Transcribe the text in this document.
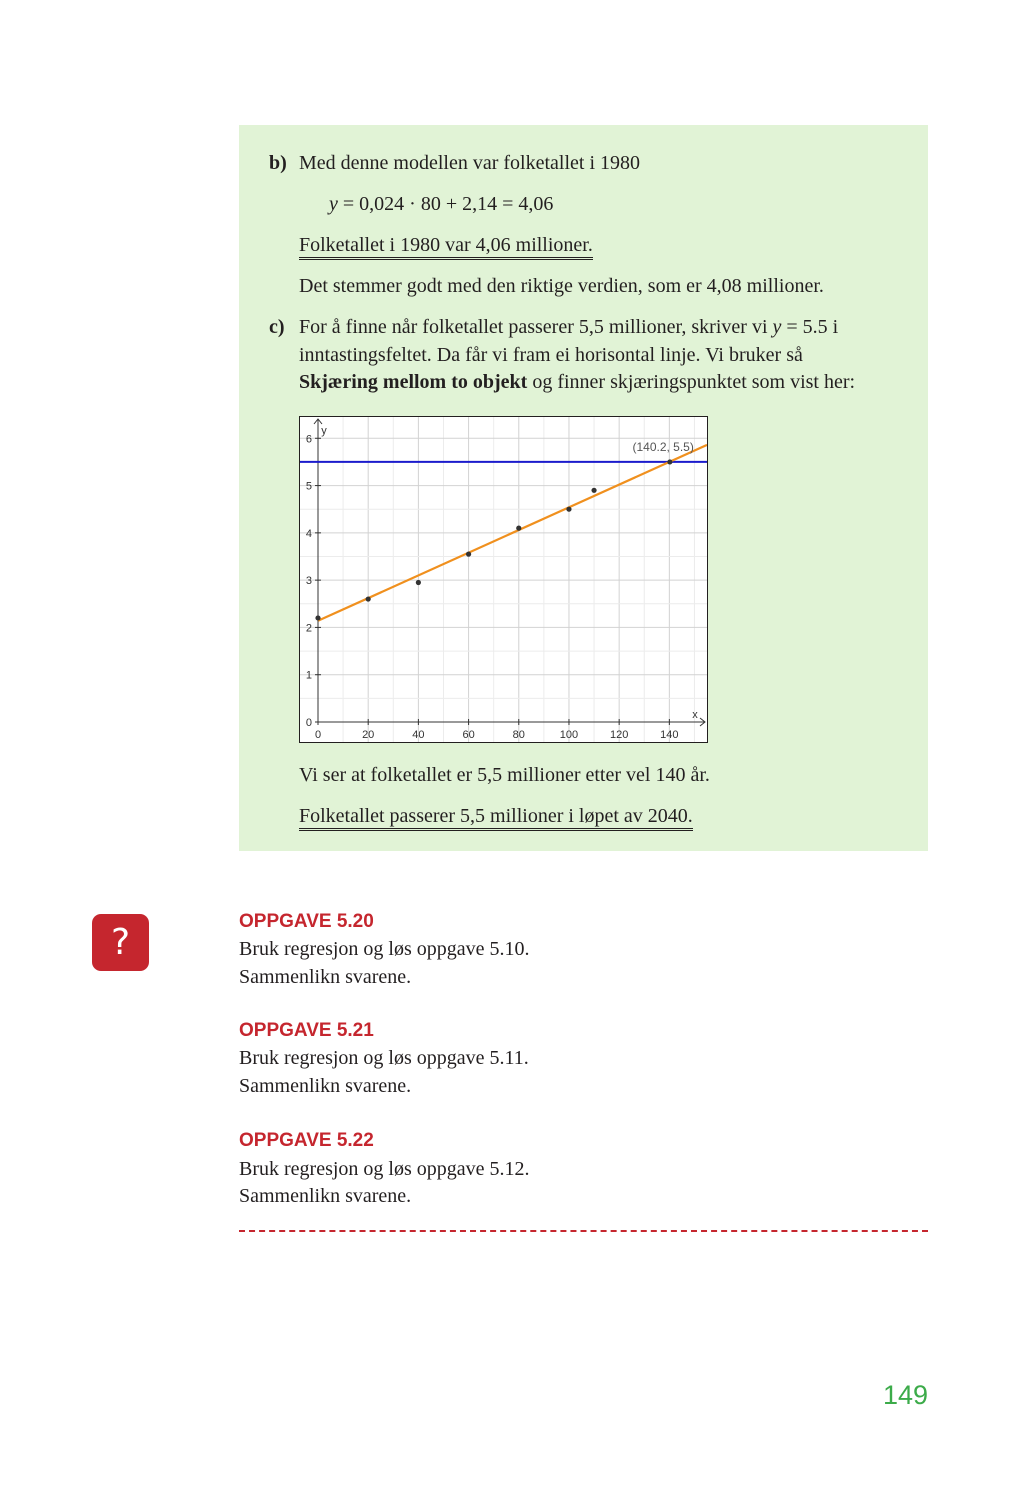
b) Med denne modellen var folketallet i 1980
y = 0,024 · 80 + 2,14 = 4,06
Folketallet i 1980 var 4,06 millioner.
Det stemmer godt med den riktige verdien, som er 4,08 millioner.
c) For å finne når folketallet passerer 5,5 millioner, skriver vi y = 5.5 i
inntastingsfeltet. Da får vi fram ei horisontal linje. Vi bruker så
Skjæring mellom to objekt og finner skjæringspunktet som vist her:
0	20	40	60	80	100	120	140
0
1
2
3
4
5
6
x
y
(140.2, 5.5)
Vi ser at folketallet er 5,5 millioner etter vel 140 år.
Folketallet passerer 5,5 millioner i løpet av 2040.
?
OPPGAVE 5.20
Bruk regresjon og løs oppgave 5.10.
Sammenlikn svarene.
OPPGAVE 5.21
Bruk regresjon og løs oppgave 5.11.
Sammenlikn svarene.
OPPGAVE 5.22
Bruk regresjon og løs oppgave 5.12.
Sammenlikn svarene.
149
